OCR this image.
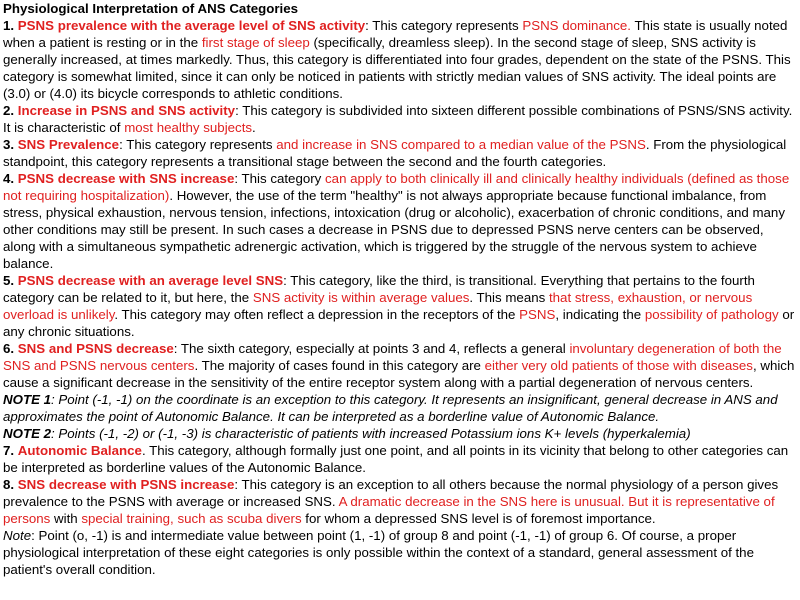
Physiological Interpretation of ANS Categories
1. PSNS prevalence with the average level of SNS activity: This category represents PSNS dominance. This state is usually noted when a patient is resting or in the first stage of sleep (specifically, dreamless sleep). In the second stage of sleep, SNS activity is generally increased, at times markedly. Thus, this category is differentiated into four grades, dependent on the state of the PSNS. This category is somewhat limited, since it can only be noticed in patients with strictly median values of SNS activity. The ideal points are (3.0) or (4.0) its bicycle corresponds to athletic conditions.
2. Increase in PSNS and SNS activity: This category is subdivided into sixteen different possible combinations of PSNS/SNS activity. It is characteristic of most healthy subjects.
3. SNS Prevalence: This category represents and increase in SNS compared to a median value of the PSNS. From the physiological standpoint, this category represents a transitional stage between the second and the fourth categories.
4. PSNS decrease with SNS increase: This category can apply to both clinically ill and clinically healthy individuals (defined as those not requiring hospitalization). However, the use of the term "healthy" is not always appropriate because functional imbalance, from stress, physical exhaustion, nervous tension, infections, intoxication (drug or alcoholic), exacerbation of chronic conditions, and many other conditions may still be present. In such cases a decrease in PSNS due to depressed PSNS nerve centers can be observed, along with a simultaneous sympathetic adrenergic activation, which is triggered by the struggle of the nervous system to achieve balance.
5. PSNS decrease with an average level SNS: This category, like the third, is transitional. Everything that pertains to the fourth category can be related to it, but here, the SNS activity is within average values. This means that stress, exhaustion, or nervous overload is unlikely. This category may often reflect a depression in the receptors of the PSNS, indicating the possibility of pathology or any chronic situations.
6. SNS and PSNS decrease: The sixth category, especially at points 3 and 4, reflects a general involuntary degeneration of both the SNS and PSNS nervous centers. The majority of cases found in this category are either very old patients of those with diseases, which cause a significant decrease in the sensitivity of the entire receptor system along with a partial degeneration of nervous centers.
NOTE 1: Point (-1, -1) on the coordinate is an exception to this category. It represents an insignificant, general decrease in ANS and approximates the point of Autonomic Balance. It can be interpreted as a borderline value of Autonomic Balance.
NOTE 2: Points (-1, -2) or (-1, -3) is characteristic of patients with increased Potassium ions K+ levels (hyperkalemia)
7. Autonomic Balance. This category, although formally just one point, and all points in its vicinity that belong to other categories can be interpreted as borderline values of the Autonomic Balance.
8. SNS decrease with PSNS increase: This category is an exception to all others because the normal physiology of a person gives prevalence to the PSNS with average or increased SNS. A dramatic decrease in the SNS here is unusual. But it is representative of persons with special training, such as scuba divers for whom a depressed SNS level is of foremost importance.
Note: Point (o, -1) is and intermediate value between point (1, -1) of group 8 and point (-1, -1) of group 6. Of course, a proper physiological interpretation of these eight categories is only possible within the context of a standard, general assessment of the patient's overall condition.
